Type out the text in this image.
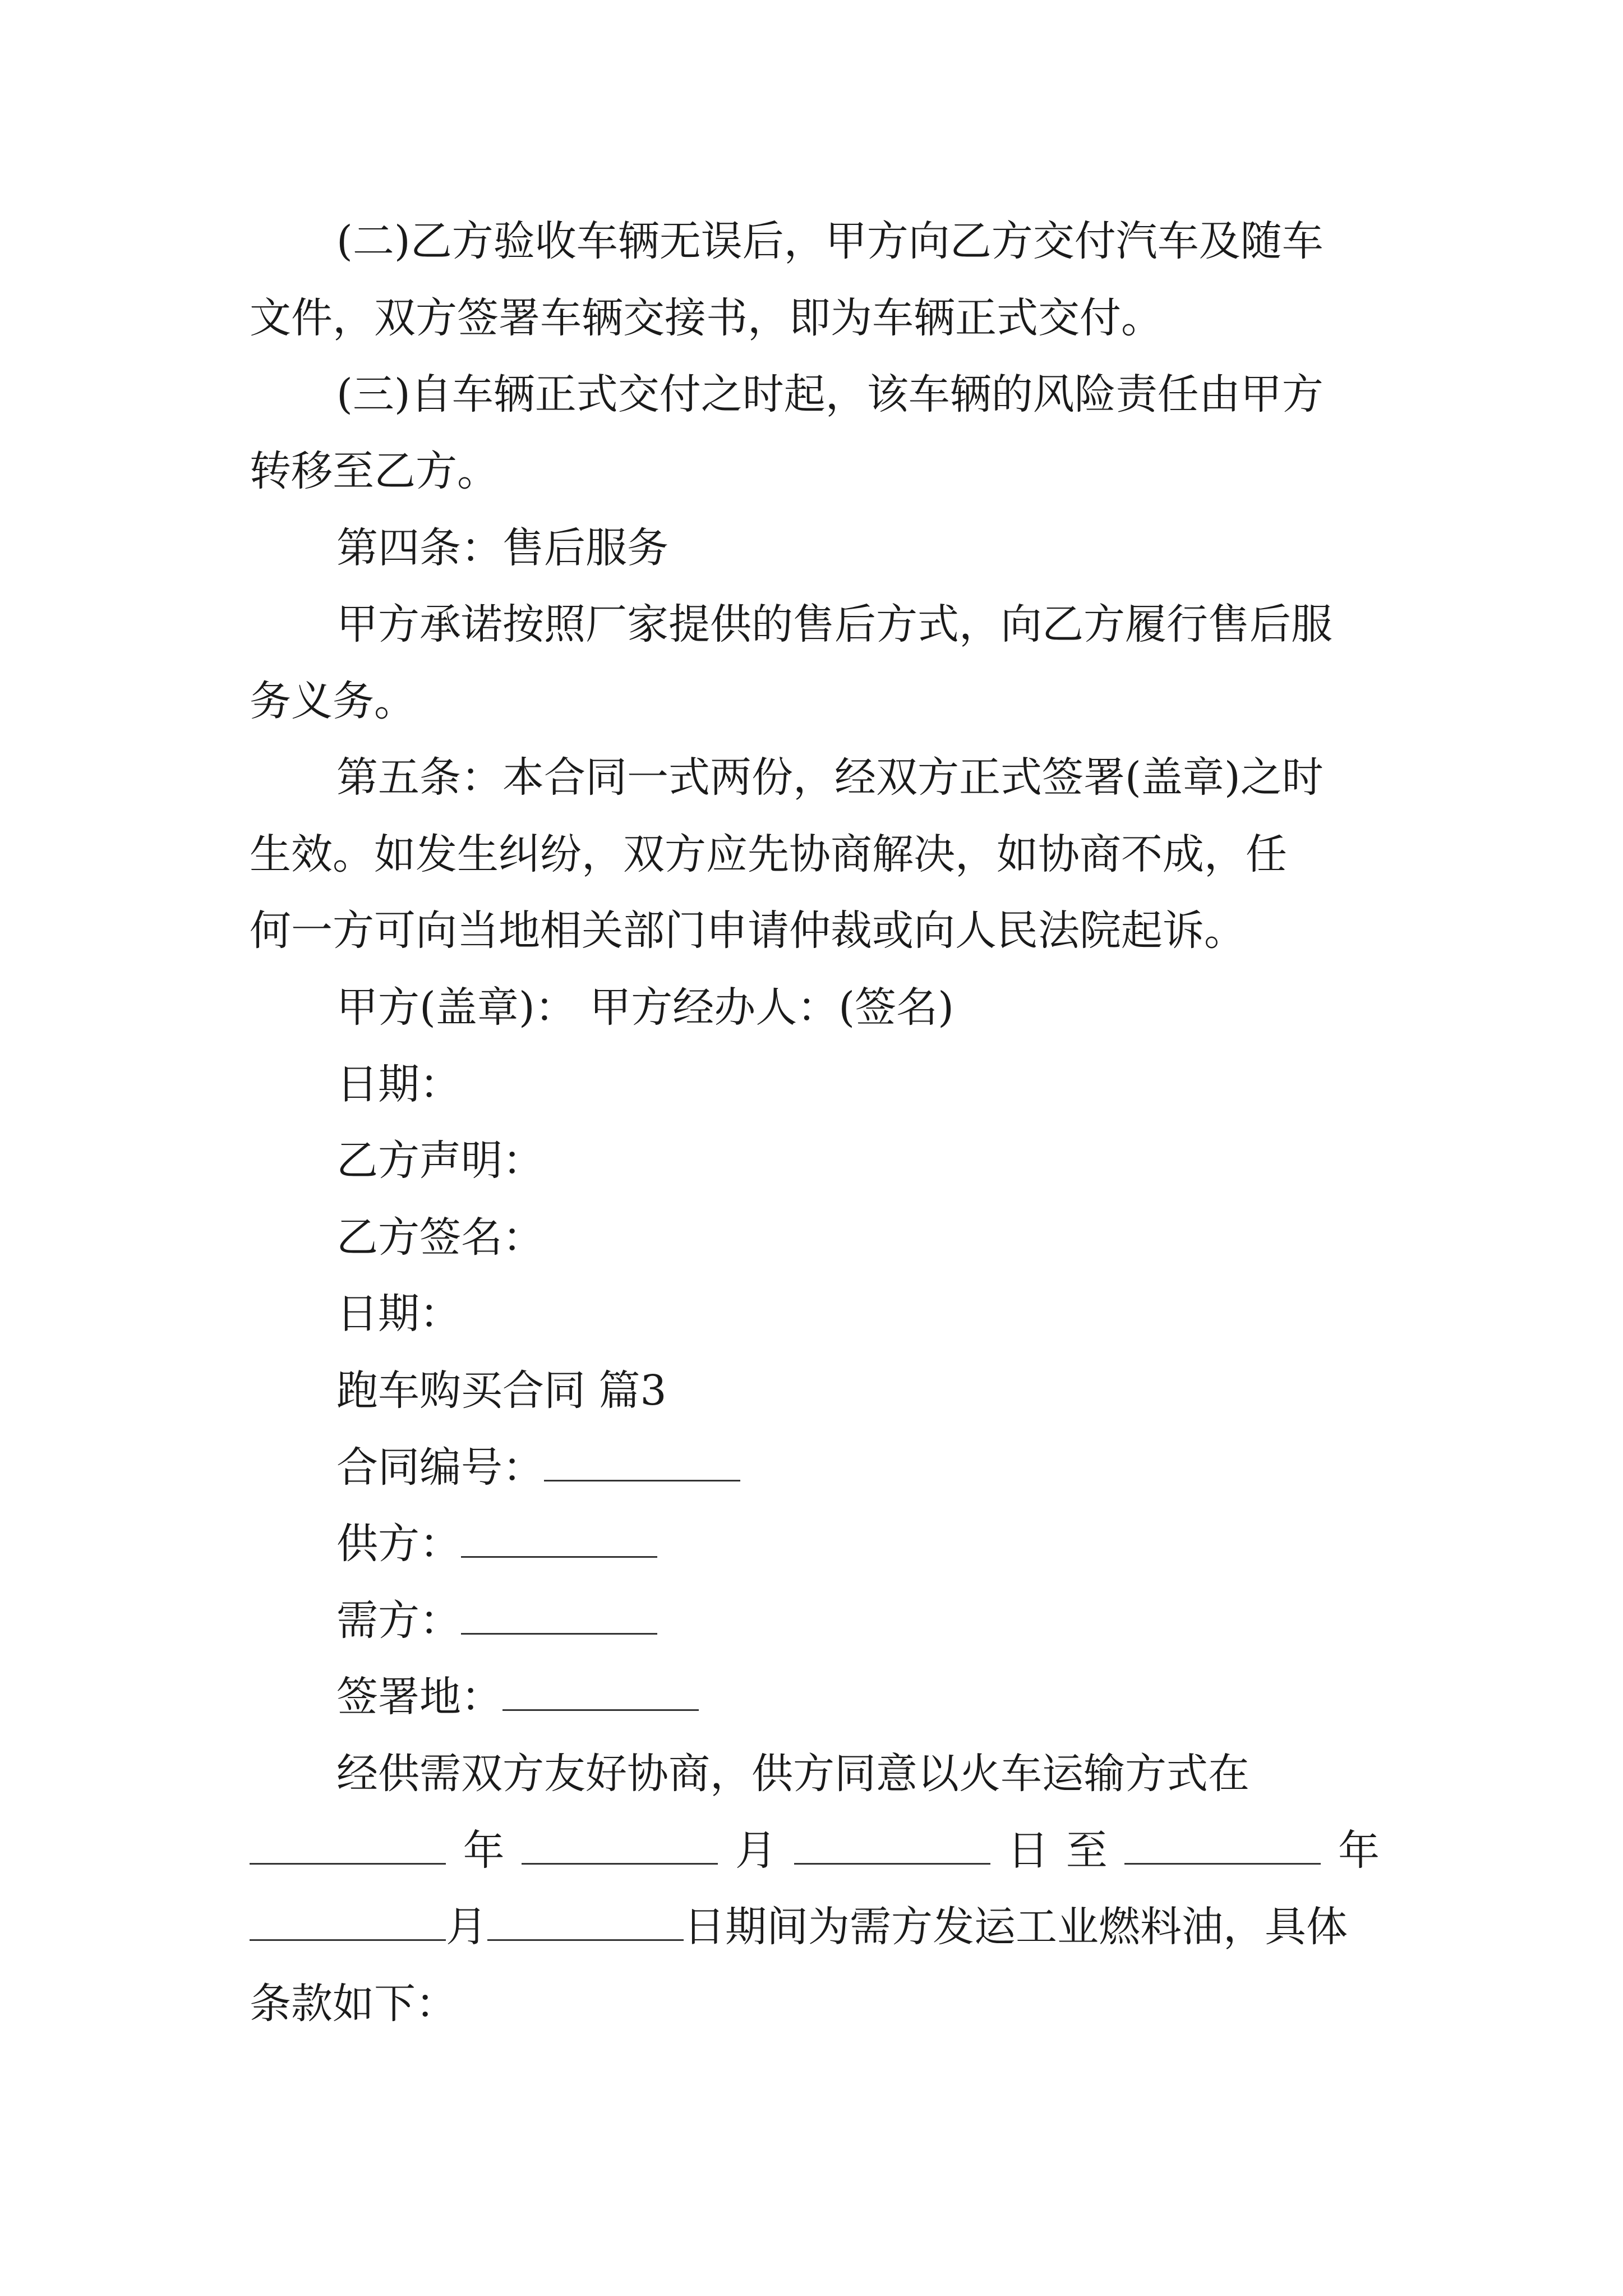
(二)乙方验收车辆无误后，甲方向乙方交付汽车及随车
文件，双方签署车辆交接书，即为车辆正式交付。
(三)自车辆正式交付之时起，该车辆的风险责任由甲方
转移至乙方。
第四条：售后服务
甲方承诺按照厂家提供的售后方式，向乙方履行售后服
务义务。
第五条：本合同一式两份，经双方正式签署(盖章)之时
生效。如发生纠纷，双方应先协商解决，如协商不成，任
何一方可向当地相关部门申请仲裁或向人民法院起诉。
甲方(盖章)： 甲方经办人：(签名)
日期：
乙方声明：
乙方签名：
日期：
跑车购买合同 篇3
合同编号：
供方：
需方：
签署地：
经供需双方友好协商，供方同意以火车运输方式在
年	月	日 至	年
月	日期间为需方发运工业燃料油，具体
条款如下：
